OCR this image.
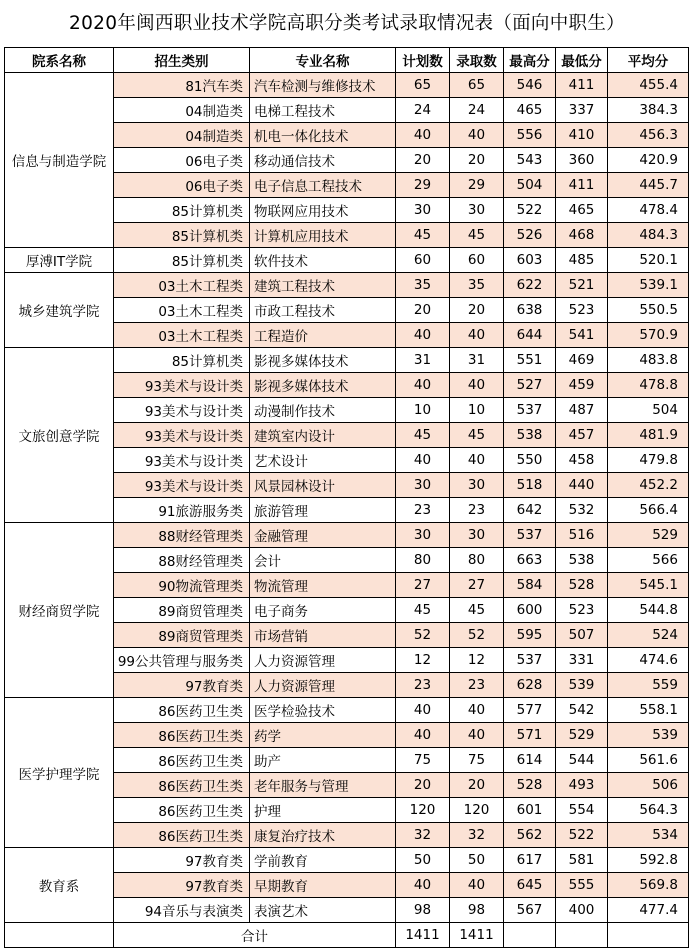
2020年闽西职业技术学院高职分类考试录取情况表（面向中职生）
院系名称	招生类别	专业名称	计划数	录取数	最高分	最低分	平均分
信息与制造学院	81汽车类	汽车检测与维修技术	65	65	546	411	455.4
	04制造类	电梯工程技术	24	24	465	337	384.3
	04制造类	机电一体化技术	40	40	556	410	456.3
	06电子类	移动通信技术	20	20	543	360	420.9
	06电子类	电子信息工程技术	29	29	504	411	445.7
	85计算机类	物联网应用技术	30	30	522	465	478.4
	85计算机类	计算机应用技术	45	45	526	468	484.3
厚溥IT学院	85计算机类	软件技术	60	60	603	485	520.1
城乡建筑学院	03土木工程类	建筑工程技术	35	35	622	521	539.1
	03土木工程类	市政工程技术	20	20	638	523	550.5
	03土木工程类	工程造价	40	40	644	541	570.9
文旅创意学院	85计算机类	影视多媒体技术	31	31	551	469	483.8
	93美术与设计类	影视多媒体技术	40	40	527	459	478.8
	93美术与设计类	动漫制作技术	10	10	537	487	504
	93美术与设计类	建筑室内设计	45	45	538	457	481.9
	93美术与设计类	艺术设计	40	40	550	458	479.8
	93美术与设计类	风景园林设计	30	30	518	440	452.2
	91旅游服务类	旅游管理	23	23	642	532	566.4
财经商贸学院	88财经管理类	金融管理	30	30	537	516	529
	88财经管理类	会计	80	80	663	538	566
	90物流管理类	物流管理	27	27	584	528	545.1
	89商贸管理类	电子商务	45	45	600	523	544.8
	89商贸管理类	市场营销	52	52	595	507	524
	99公共管理与服务类	人力资源管理	12	12	537	331	474.6
	97教育类	人力资源管理	23	23	628	539	559
医学护理学院	86医药卫生类	医学检验技术	40	40	577	542	558.1
	86医药卫生类	药学	40	40	571	529	539
	86医药卫生类	助产	75	75	614	544	561.6
	86医药卫生类	老年服务与管理	20	20	528	493	506
	86医药卫生类	护理	120	120	601	554	564.3
	86医药卫生类	康复治疗技术	32	32	562	522	534
教育系	97教育类	学前教育	50	50	617	581	592.8
	97教育类	早期教育	40	40	645	555	569.8
	94音乐与表演类	表演艺术	98	98	567	400	477.4
	合计		1411	1411			
